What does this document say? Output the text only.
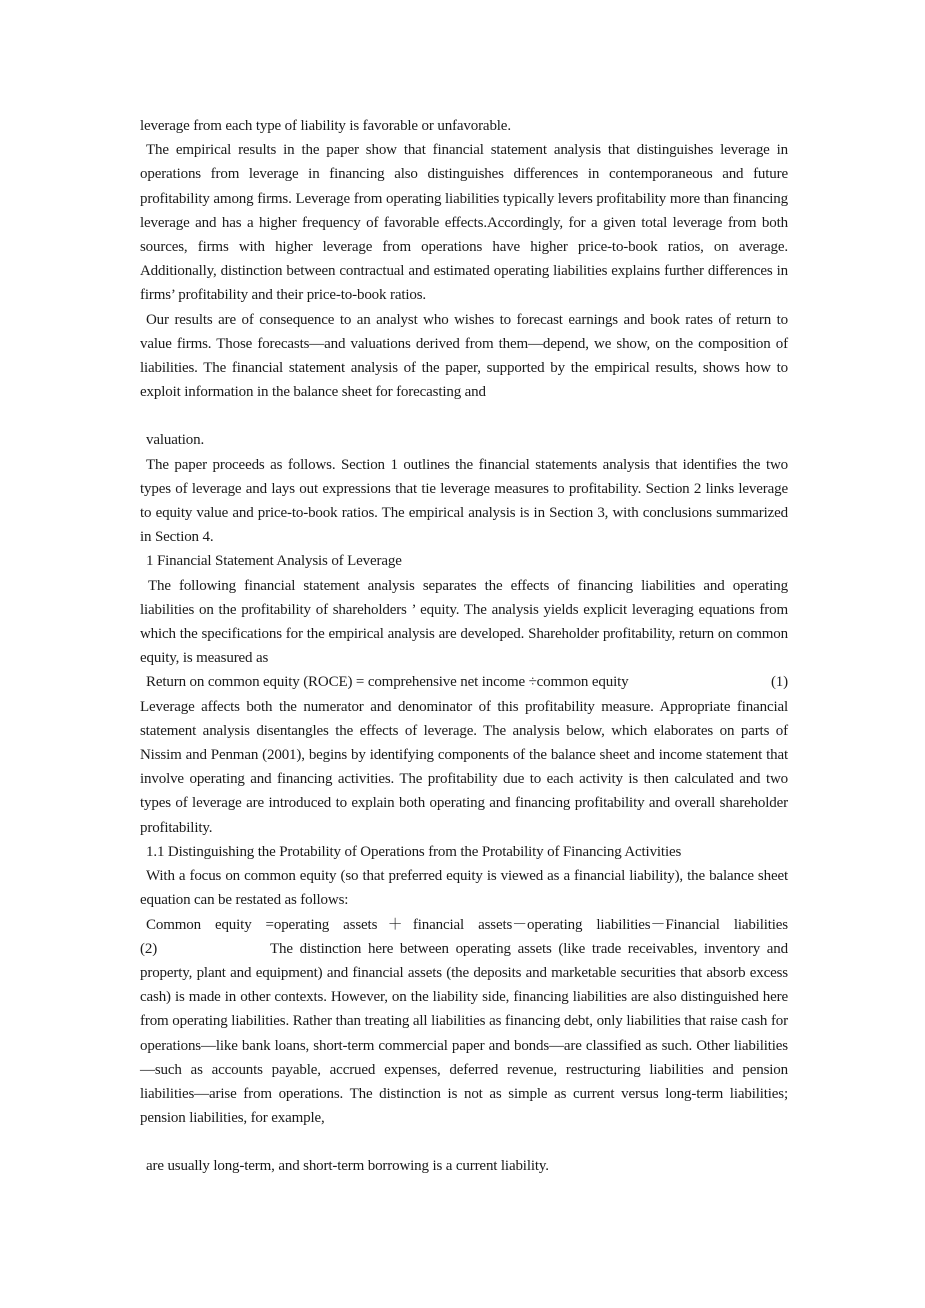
leverage from each type of liability is favorable or unfavorable.

The empirical results in the paper show that financial statement analysis that distinguishes leverage in operations from leverage in financing also distinguishes differences in contemporaneous and future profitability among firms. Leverage from operating liabilities typically levers profitability more than financing leverage and has a higher frequency of favorable effects.Accordingly, for a given total leverage from both sources, firms with higher leverage from operations have higher price-to-book ratios, on average. Additionally, distinction between contractual and estimated operating liabilities explains further differences in firms’ profitability and their price-to-book ratios.

Our results are of consequence to an analyst who wishes to forecast earnings and book rates of return to value firms. Those forecasts—and valuations derived from them—depend, we show, on the composition of liabilities. The financial statement analysis of the paper, supported by the empirical results, shows how to exploit information in the balance sheet for forecasting and

valuation.

The paper proceeds as follows. Section 1 outlines the financial statements analysis that identifies the two types of leverage and lays out expressions that tie leverage measures to profitability. Section 2 links leverage to equity value and price-to-book ratios. The empirical analysis is in Section 3, with conclusions summarized in Section 4.

1 Financial Statement Analysis of Leverage

The following financial statement analysis separates the effects of financing liabilities and operating liabilities on the profitability of shareholders ’ equity. The analysis yields explicit leveraging equations from which the specifications for the empirical analysis are developed. Shareholder profitability, return on common equity, is measured as

Return on common equity (ROCE) = comprehensive net income ÷common equity	(1)

Leverage affects both the numerator and denominator of this profitability measure. Appropriate financial statement analysis disentangles the effects of leverage. The analysis below, which elaborates on parts of Nissim and Penman (2001), begins by identifying components of the balance sheet and income statement that involve operating and financing activities. The profitability due to each activity is then calculated and two types of leverage are introduced to explain both operating and financing profitability and overall shareholder profitability.

1.1 Distinguishing the Protability of Operations from the Protability of Financing Activities

With a focus on common equity (so that preferred equity is viewed as a financial liability), the balance sheet equation can be restated as follows:

Common equity =operating assets＋financial assets－operating liabilities－Financial liabilities

(2)	The distinction here between operating assets (like trade receivables, inventory and property, plant and equipment) and financial assets (the deposits and marketable securities that absorb excess cash) is made in other contexts. However, on the liability side, financing liabilities are also distinguished here from operating liabilities. Rather than treating all liabilities as financing debt, only liabilities that raise cash for operations—like bank loans, short-term commercial paper and bonds—are classified as such. Other liabilities—such as accounts payable, accrued expenses, deferred revenue, restructuring liabilities and pension liabilities—arise from operations. The distinction is not as simple as current versus long-term liabilities; pension liabilities, for example,

are usually long-term, and short-term borrowing is a current liability.
